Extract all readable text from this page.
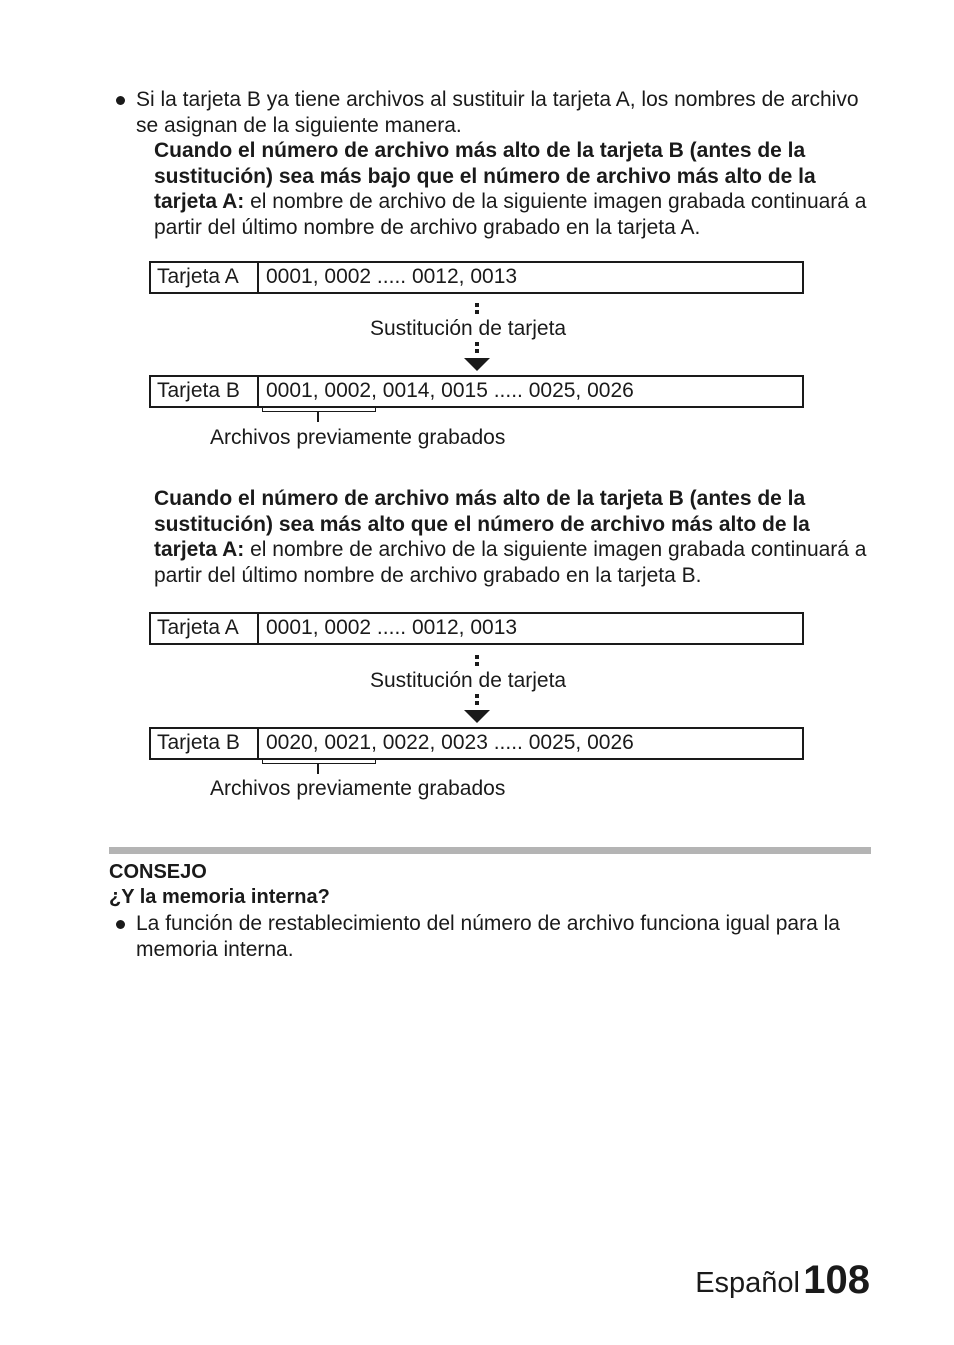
Si la tarjeta B ya tiene archivos al sustituir la tarjeta A, los nombres de archivo se asignan de la siguiente manera.
Cuando el número de archivo más alto de la tarjeta B (antes de la sustitución) sea más bajo que el número de archivo más alto de la tarjeta A: el nombre de archivo de la siguiente imagen grabada continuará a partir del último nombre de archivo grabado en la tarjeta A.
Tarjeta A	0001, 0002 ..... 0012, 0013
Sustitución de tarjeta
Tarjeta B	0001, 0002, 0014, 0015 ..... 0025, 0026
Archivos previamente grabados
Cuando el número de archivo más alto de la tarjeta B (antes de la sustitución) sea más alto que el número de archivo más alto de la tarjeta A: el nombre de archivo de la siguiente imagen grabada continuará a partir del último nombre de archivo grabado en la tarjeta B.
Tarjeta A	0001, 0002 ..... 0012, 0013
Sustitución de tarjeta
Tarjeta B	0020, 0021, 0022, 0023 ..... 0025, 0026
Archivos previamente grabados
CONSEJO
¿Y la memoria interna?
La función de restablecimiento del número de archivo funciona igual para la memoria interna.
Español 108
